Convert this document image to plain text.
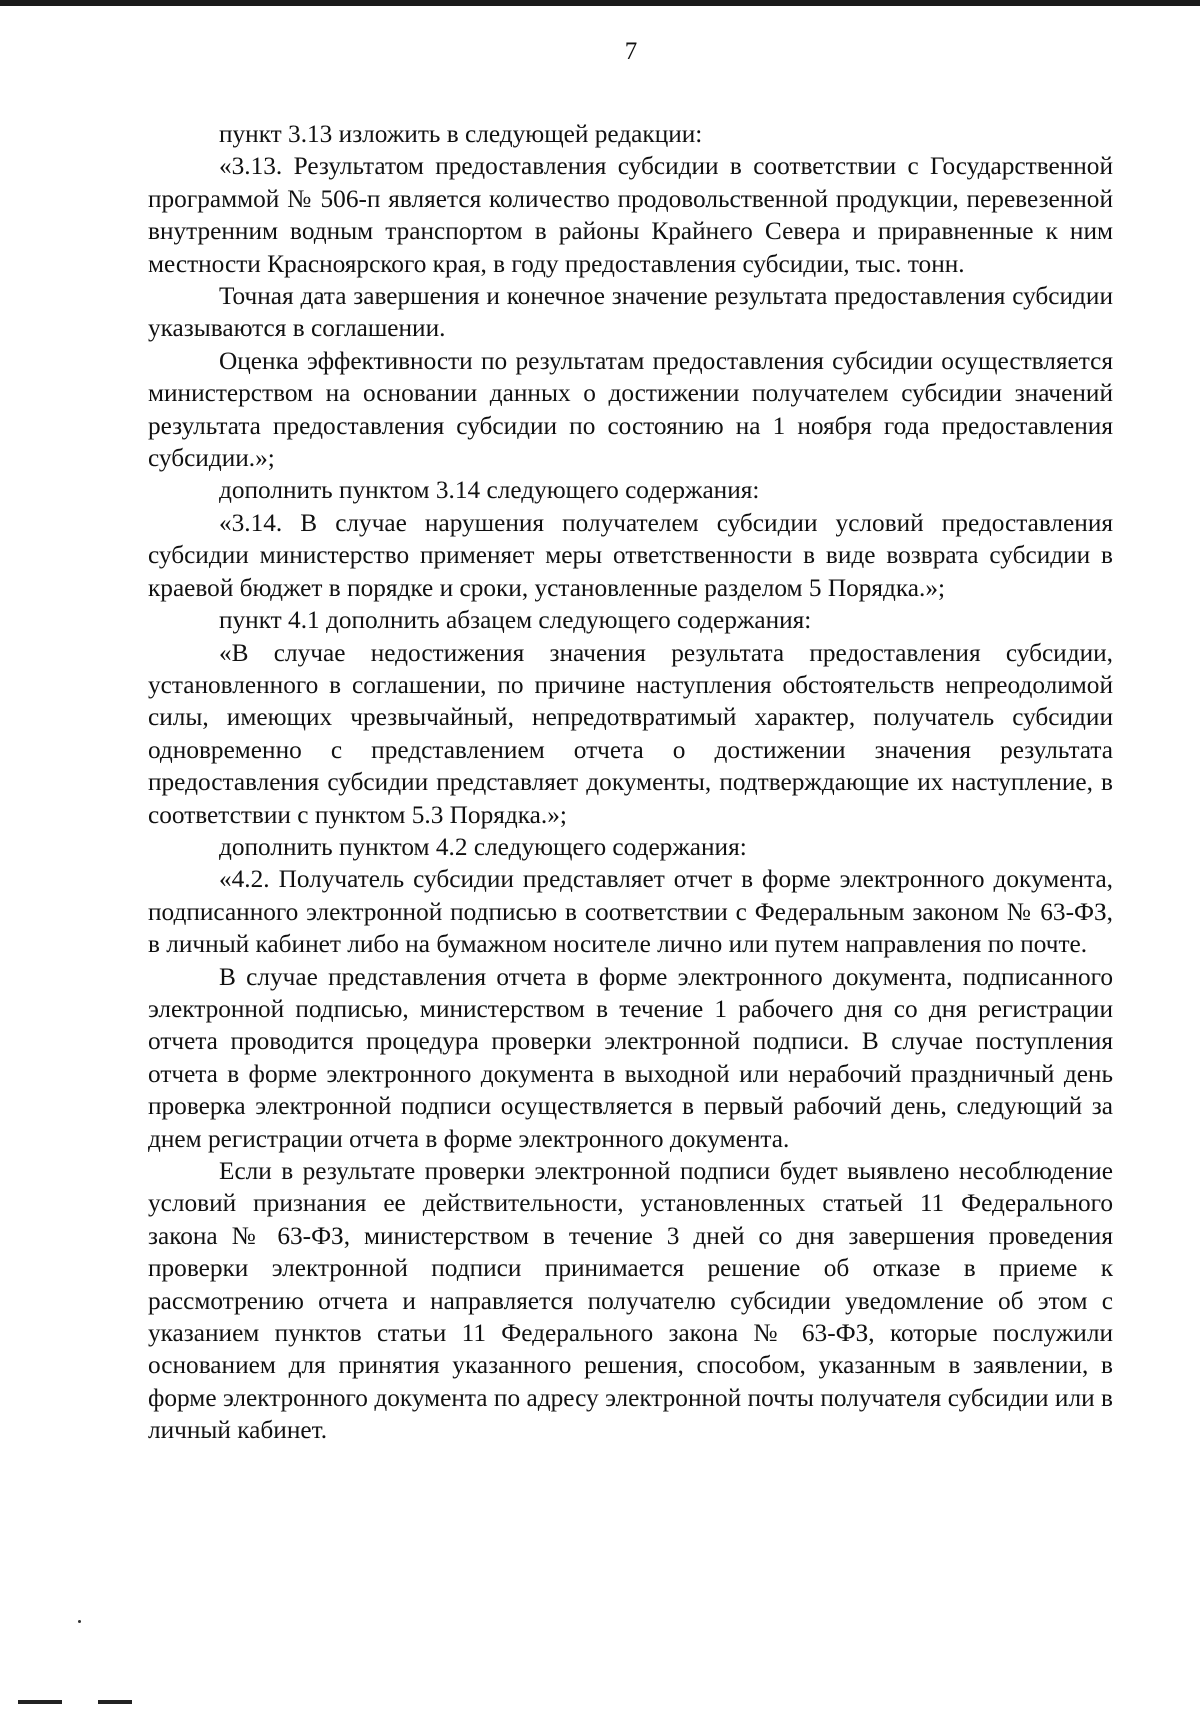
7

пункт 3.13 изложить в следующей редакции:

«3.13. Результатом предоставления субсидии в соответствии с Государственной программой № 506-п является количество продовольственной продукции, перевезенной внутренним водным транспортом в районы Крайнего Севера и приравненные к ним местности Красноярского края, в году предоставления субсидии, тыс. тонн.

Точная дата завершения и конечное значение результата предоставления субсидии указываются в соглашении.

Оценка эффективности по результатам предоставления субсидии осуществляется министерством на основании данных о достижении получателем субсидии значений результата предоставления субсидии по состоянию на 1 ноября года предоставления субсидии.»;

дополнить пунктом 3.14 следующего содержания:

«3.14. В случае нарушения получателем субсидии условий предоставления субсидии министерство применяет меры ответственности в виде возврата субсидии в краевой бюджет в порядке и сроки, установленные разделом 5 Порядка.»;

пункт 4.1 дополнить абзацем следующего содержания:

«В случае недостижения значения результата предоставления субсидии, установленного в соглашении, по причине наступления обстоятельств непреодолимой силы, имеющих чрезвычайный, непредотвратимый характер, получатель субсидии одновременно с представлением отчета о достижении значения результата предоставления субсидии представляет документы, подтверждающие их наступление, в соответствии с пунктом 5.3 Порядка.»;

дополнить пунктом 4.2 следующего содержания:

«4.2. Получатель субсидии представляет отчет в форме электронного документа, подписанного электронной подписью в соответствии с Федеральным законом № 63-ФЗ, в личный кабинет либо на бумажном носителе лично или путем направления по почте.

В случае представления отчета в форме электронного документа, подписанного электронной подписью, министерством в течение 1 рабочего дня со дня регистрации отчета проводится процедура проверки электронной подписи. В случае поступления отчета в форме электронного документа в выходной или нерабочий праздничный день проверка электронной подписи осуществляется в первый рабочий день, следующий за днем регистрации отчета в форме электронного документа.

Если в результате проверки электронной подписи будет выявлено несоблюдение условий признания ее действительности, установленных статьей 11 Федерального закона № 63-ФЗ, министерством в течение 3 дней со дня завершения проведения проверки электронной подписи принимается решение об отказе в приеме к рассмотрению отчета и направляется получателю субсидии уведомление об этом с указанием пунктов статьи 11 Федерального закона № 63-ФЗ, которые послужили основанием для принятия указанного решения, способом, указанным в заявлении, в форме электронного документа по адресу электронной почты получателя субсидии или в личный кабинет.
